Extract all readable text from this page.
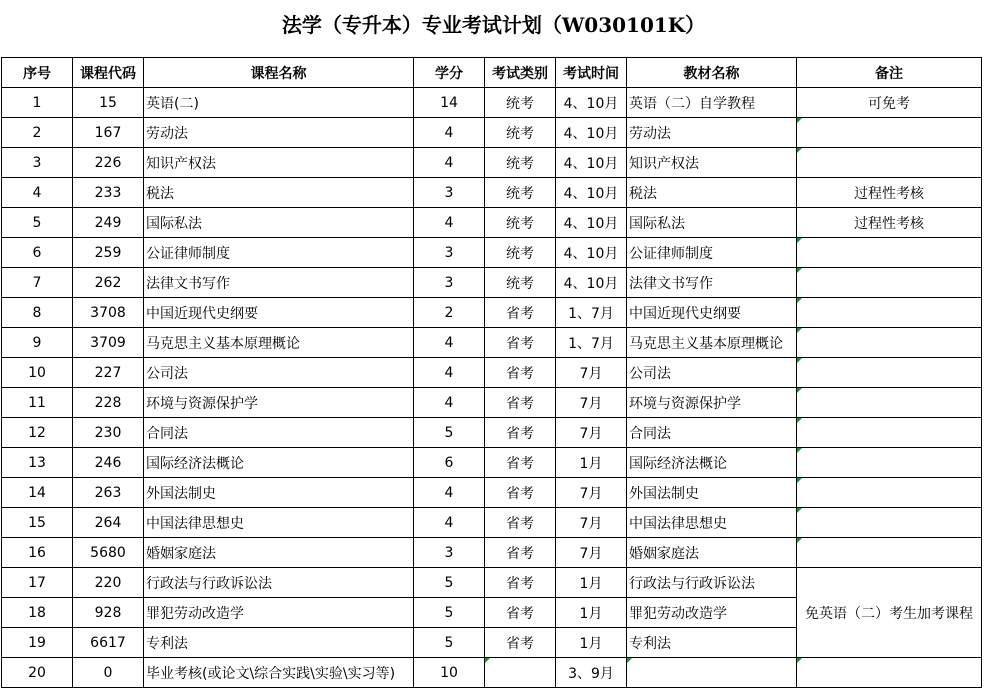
法学（专升本）专业考试计划（W030101K）
序号	课程代码	课程名称	学分	考试类别	考试时间	教材名称	备注
1	15	英语(二)	14	统考	4、10月	英语（二）自学教程	可免考
2	167	劳动法	4	统考	4、10月	劳动法	

3	226	知识产权法	4	统考	4、10月	知识产权法	

4	233	税法	3	统考	4、10月	税法	过程性考核
5	249	国际私法	4	统考	4、10月	国际私法	过程性考核
6	259	公证律师制度	3	统考	4、10月	公证律师制度	

7	262	法律文书写作	3	统考	4、10月	法律文书写作	

8	3708	中国近现代史纲要	2	省考	1、7月	中国近现代史纲要	

9	3709	马克思主义基本原理概论	4	省考	1、7月	马克思主义基本原理概论	

10	227	公司法	4	省考	7月	公司法	

11	228	环境与资源保护学	4	省考	7月	环境与资源保护学	

12	230	合同法	5	省考	7月	合同法	

13	246	国际经济法概论	6	省考	1月	国际经济法概论	

14	263	外国法制史	4	省考	7月	外国法制史	

15	264	中国法律思想史	4	省考	7月	中国法律思想史	

16	5680	婚姻家庭法	3	省考	7月	婚姻家庭法	

17	220	行政法与行政诉讼法	5	省考	1月	行政法与行政诉讼法	
18	928	罪犯劳动改造学	5	省考	1月	罪犯劳动改造学	免英语（二）考生加考课程
19	6617	专利法	5	省考	1月	专利法	
20	0	毕业考核(或论文\综合实践\实验\实习等)	10		3、9月	
